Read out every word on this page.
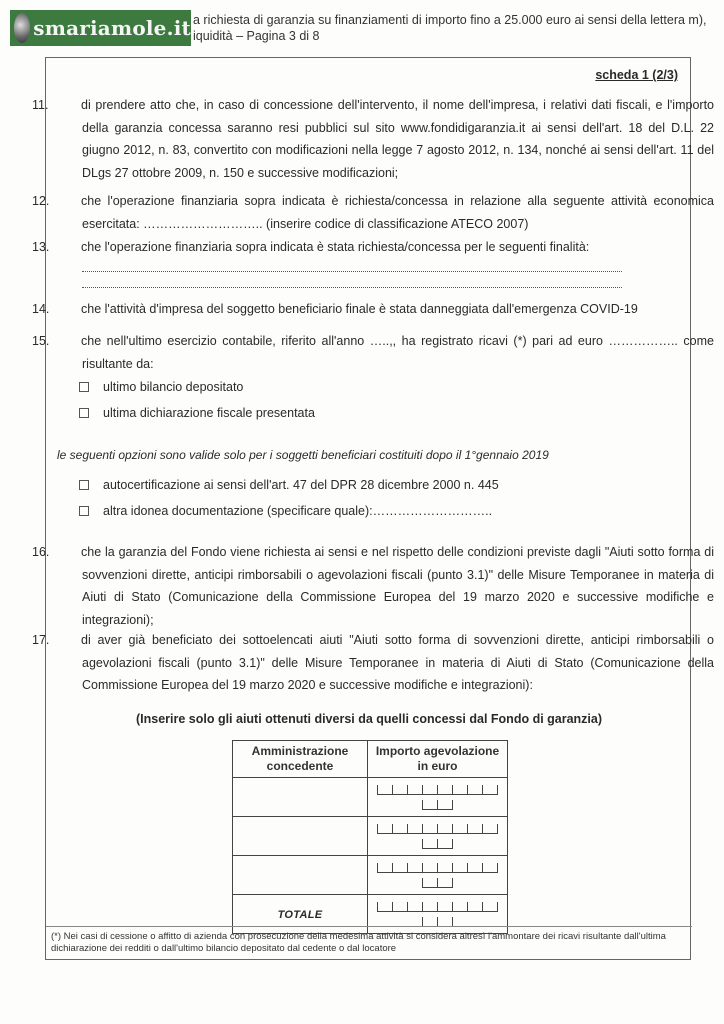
smariamole.it a richiesta di garanzia su finanziamenti di importo fino a 25.000 euro ai sensi della lettera m),
iquidità – Pagina 3 di 8
scheda 1 (2/3)
11.	di prendere atto che, in caso di concessione dell'intervento, il nome dell'impresa, i relativi dati fiscali, e l'importo della garanzia concessa saranno resi pubblici sul sito www.fondidigaranzia.it ai sensi dell'art. 18 del D.L. 22 giugno 2012, n. 83, convertito con modificazioni nella legge 7 agosto 2012, n. 134, nonché ai sensi dell'art. 11 del DLgs 27 ottobre 2009, n. 150 e successive modificazioni;
12.	che l'operazione finanziaria sopra indicata è richiesta/concessa in relazione alla seguente attività economica esercitata: ……………………….. (inserire codice di classificazione ATECO 2007)
13.	che l'operazione finanziaria sopra indicata è stata richiesta/concessa per le seguenti finalità:
14.	che l'attività d'impresa del soggetto beneficiario finale è stata danneggiata dall'emergenza COVID-19
15.	che nell'ultimo esercizio contabile, riferito all'anno …..,, ha registrato ricavi (*) pari ad euro …………….. come risultante da:
ultimo bilancio depositato
ultima dichiarazione fiscale presentata
le seguenti opzioni sono valide solo per i soggetti beneficiari costituiti dopo il 1°gennaio 2019
autocertificazione ai sensi dell'art. 47 del DPR 28 dicembre 2000 n. 445
altra idonea documentazione (specificare quale):………………………..
16.	che la garanzia del Fondo viene richiesta ai sensi e nel rispetto delle condizioni previste dagli "Aiuti sotto forma di sovvenzioni dirette, anticipi rimborsabili o agevolazioni fiscali (punto 3.1)" delle Misure Temporanee in materia di Aiuti di Stato (Comunicazione della Commissione Europea del 19 marzo 2020 e successive modifiche e integrazioni);
17.	di aver già beneficiato dei sottoelencati aiuti "Aiuti sotto forma di sovvenzioni dirette, anticipi rimborsabili o agevolazioni fiscali (punto 3.1)" delle Misure Temporanee in materia di Aiuti di Stato (Comunicazione della Commissione Europea del 19 marzo 2020 e successive modifiche e integrazioni):
(Inserire solo gli aiuti ottenuti diversi da quelli concessi dal Fondo di garanzia)
Amministrazione concedente	Importo agevolazione in euro

TOTALE	
(*) Nei casi di cessione o affitto di azienda con prosecuzione della medesima attività si considera altresì l'ammontare dei ricavi risultante dall'ultima dichiarazione dei redditi o dall'ultimo bilancio depositato dal cedente o dal locatore
